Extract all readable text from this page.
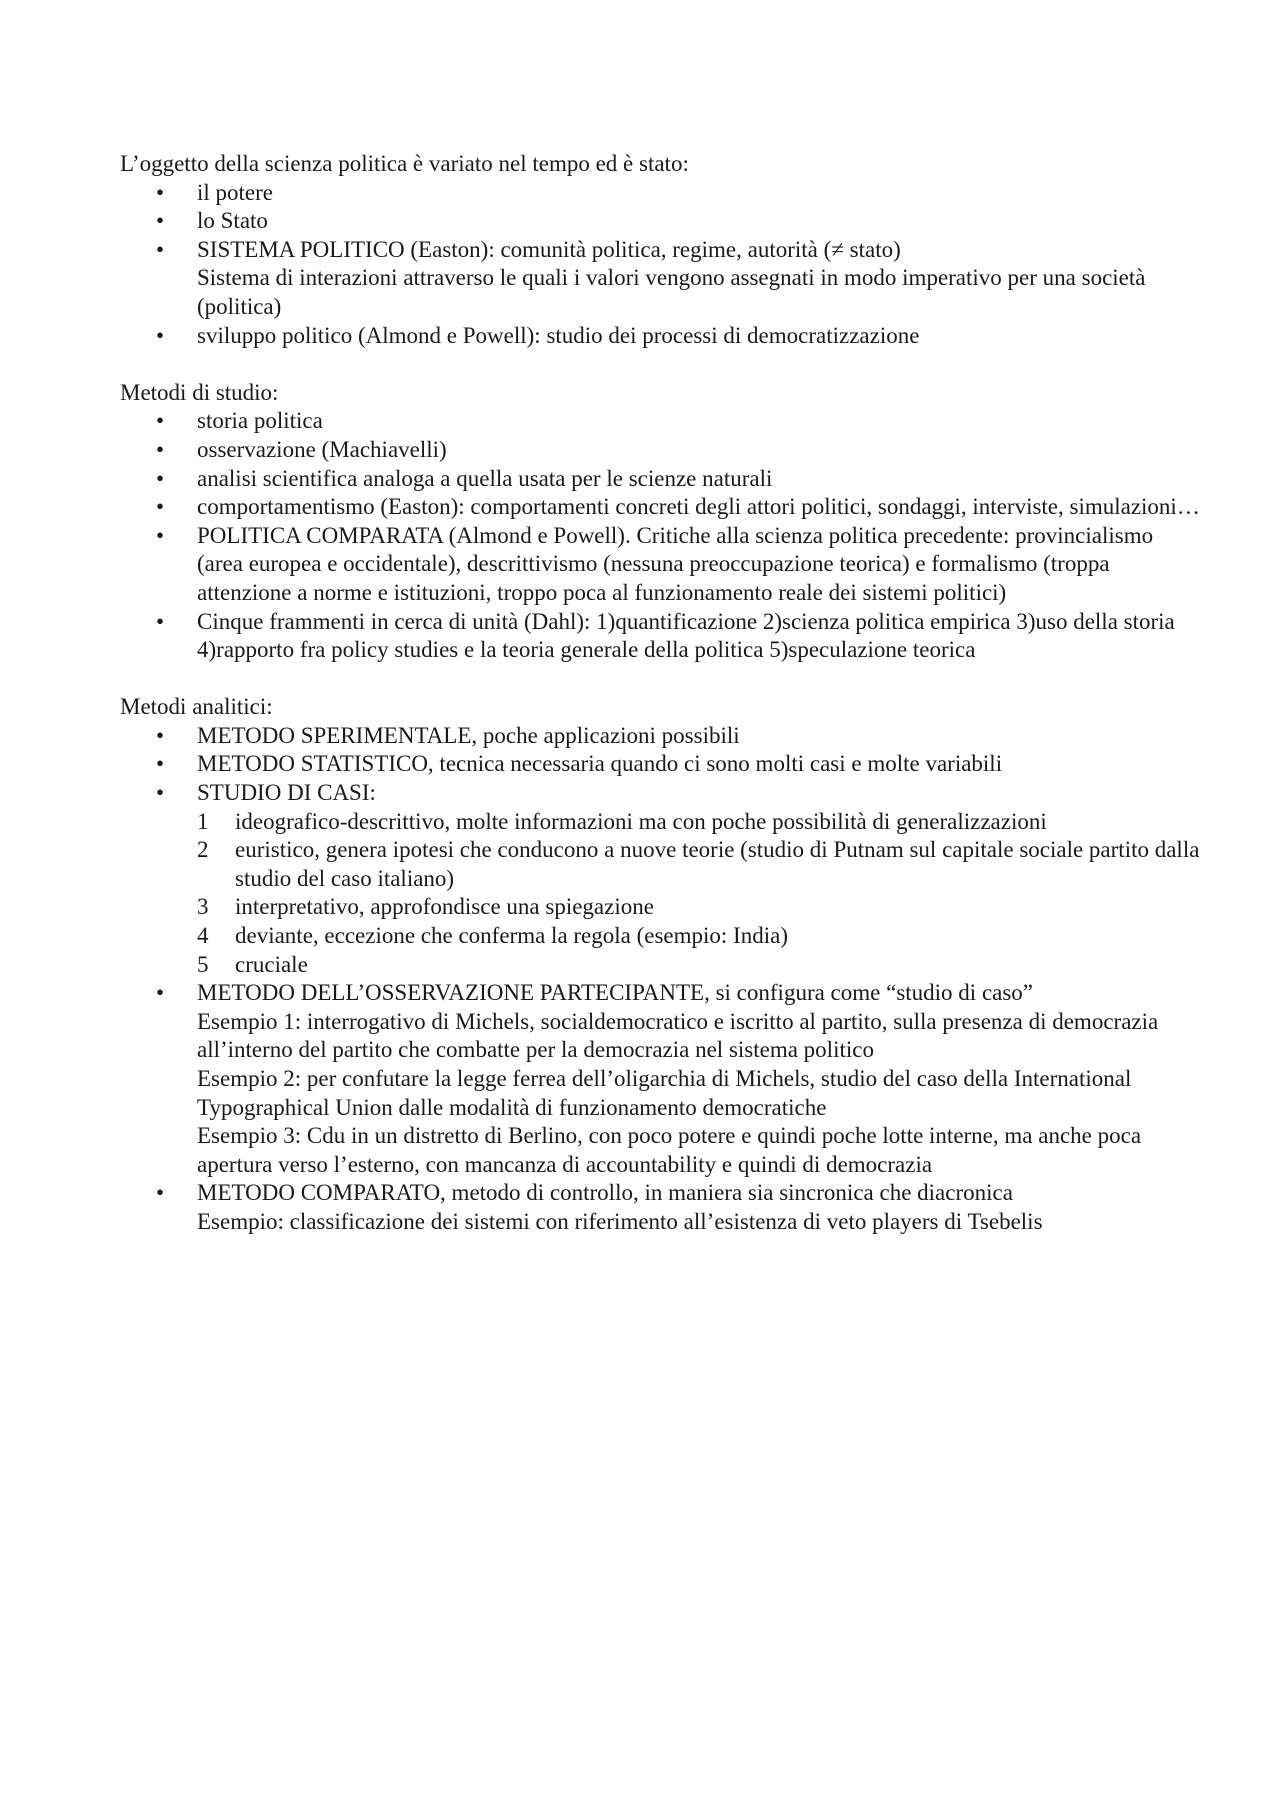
L’oggetto della scienza politica è variato nel tempo ed è stato:

• il potere
• lo Stato
• SISTEMA POLITICO (Easton): comunità politica, regime, autorità (≠ stato)
Sistema di interazioni attraverso le quali i valori vengono assegnati in modo imperativo per una società (politica)
• sviluppo politico (Almond e Powell): studio dei processi di democratizzazione

Metodi di studio:

• storia politica
• osservazione (Machiavelli)
• analisi scientifica analoga a quella usata per le scienze naturali
• comportamentismo (Easton): comportamenti concreti degli attori politici, sondaggi, interviste, simulazioni…
• POLITICA COMPARATA (Almond e Powell). Critiche alla scienza politica precedente: provincialismo (area europea e occidentale), descrittivismo (nessuna preoccupazione teorica) e formalismo (troppa attenzione a norme e istituzioni, troppo poca al funzionamento reale dei sistemi politici)
• Cinque frammenti in cerca di unità (Dahl): 1)quantificazione 2)scienza politica empirica 3)uso della storia 4)rapporto fra policy studies e la teoria generale della politica 5)speculazione teorica

Metodi analitici:

• METODO SPERIMENTALE, poche applicazioni possibili
• METODO STATISTICO, tecnica necessaria quando ci sono molti casi e molte variabili
• STUDIO DI CASI:
1 ideografico-descrittivo, molte informazioni ma con poche possibilità di generalizzazioni
2 euristico, genera ipotesi che conducono a nuove teorie (studio di Putnam sul capitale sociale partito dalla studio del caso italiano)
3 interpretativo, approfondisce una spiegazione
4 deviante, eccezione che conferma la regola (esempio: India)
5 cruciale
• METODO DELL’OSSERVAZIONE PARTECIPANTE, si configura come “studio di caso”
Esempio 1: interrogativo di Michels, socialdemocratico e iscritto al partito, sulla presenza di democrazia all’interno del partito che combatte per la democrazia nel sistema politico
Esempio 2: per confutare la legge ferrea dell’oligarchia di Michels, studio del caso della International Typographical Union dalle modalità di funzionamento democratiche
Esempio 3: Cdu in un distretto di Berlino, con poco potere e quindi poche lotte interne, ma anche poca apertura verso l’esterno, con mancanza di accountability e quindi di democrazia
• METODO COMPARATO, metodo di controllo, in maniera sia sincronica che diacronica
Esempio: classificazione dei sistemi con riferimento all’esistenza di veto players di Tsebelis
